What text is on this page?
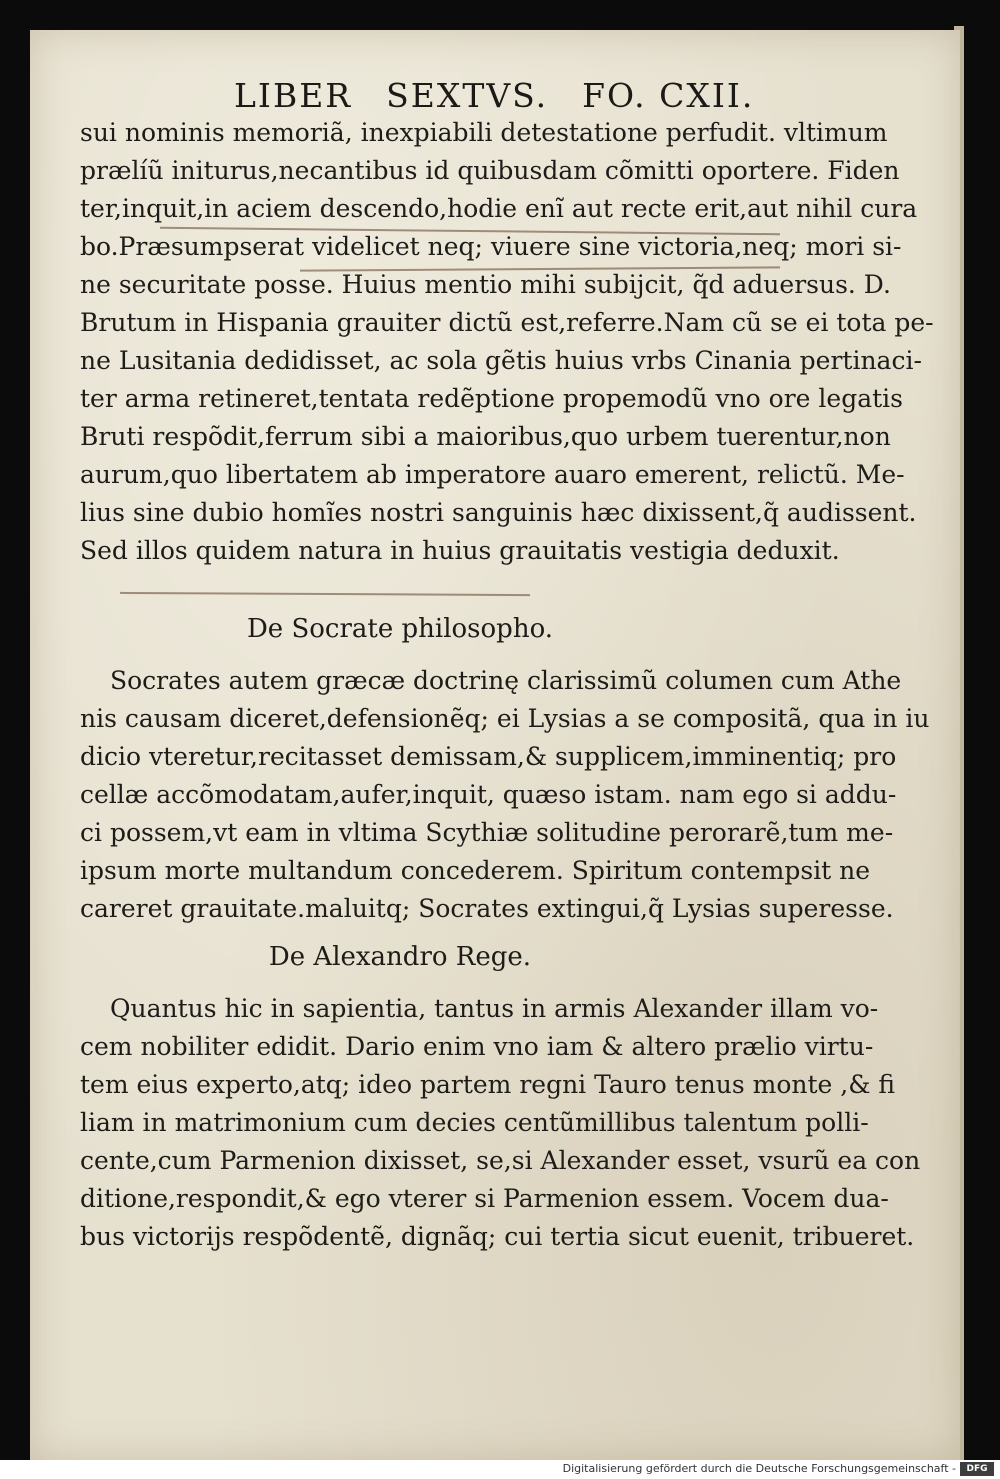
LIBER SEXTVS. FO. CXII.
sui nominis memoriã, inexpiabili detestatione perfudit. vltimum
prælíũ initurus,necantibus id quibusdam cõmitti oportere. Fiden
ter,inquit,in aciem descendo,hodie enĩ aut recte erit,aut nihil cura
bo.Præsumpserat videlicet neq; viuere sine victoria,neq; mori si-
ne securitate posse. Huius mentio mihi subijcit, q̃d aduersus. D.
Brutum in Hispania grauiter dictũ est,referre.Nam cũ se ei tota pe-
ne Lusitania dedidisset, ac sola gẽtis huius vrbs Cinania pertinaci-
ter arma retineret,tentata redẽptione propemodũ vno ore legatis
Bruti respõdit,ferrum sibi a maioribus,quo urbem tuerentur,non
aurum,quo libertatem ab imperatore auaro emerent, relictũ. Me-
lius sine dubio homĩes nostri sanguinis hæc dixissent,q̃ audissent.
Sed illos quidem natura in huius grauitatis vestigia deduxit.
De Socrate philosopho.
Socrates autem græcæ doctrinę clarissimũ columen cum Athe
nis causam diceret,defensionẽq; ei Lysias a se compositã, qua in iu
dicio vteretur,recitasset demissam,& supplicem,imminentiq; pro
cellæ accõmodatam,aufer,inquit, quæso istam. nam ego si addu-
ci possem,vt eam in vltima Scythiæ solitudine perorarẽ,tum me-
ipsum morte multandum concederem. Spiritum contempsit ne
careret grauitate.maluitq; Socrates extingui,q̃ Lysias superesse.
De Alexandro Rege.
Quantus hic in sapientia, tantus in armis Alexander illam vo-
cem nobiliter edidit. Dario enim vno iam & altero prælio virtu-
tem eius experto,atq; ideo partem regni Tauro tenus monte ,& fi
liam in matrimonium cum decies centũmillibus talentum polli-
cente,cum Parmenion dixisset, se,si Alexander esset, vsurũ ea con
ditione,respondit,& ego vterer si Parmenion essem. Vocem dua-
bus victorijs respõdentẽ, dignãq; cui tertia sicut euenit, tribueret.
Digitalisierung gefördert durch die Deutsche Forschungsgemeinschaft -	DFG
